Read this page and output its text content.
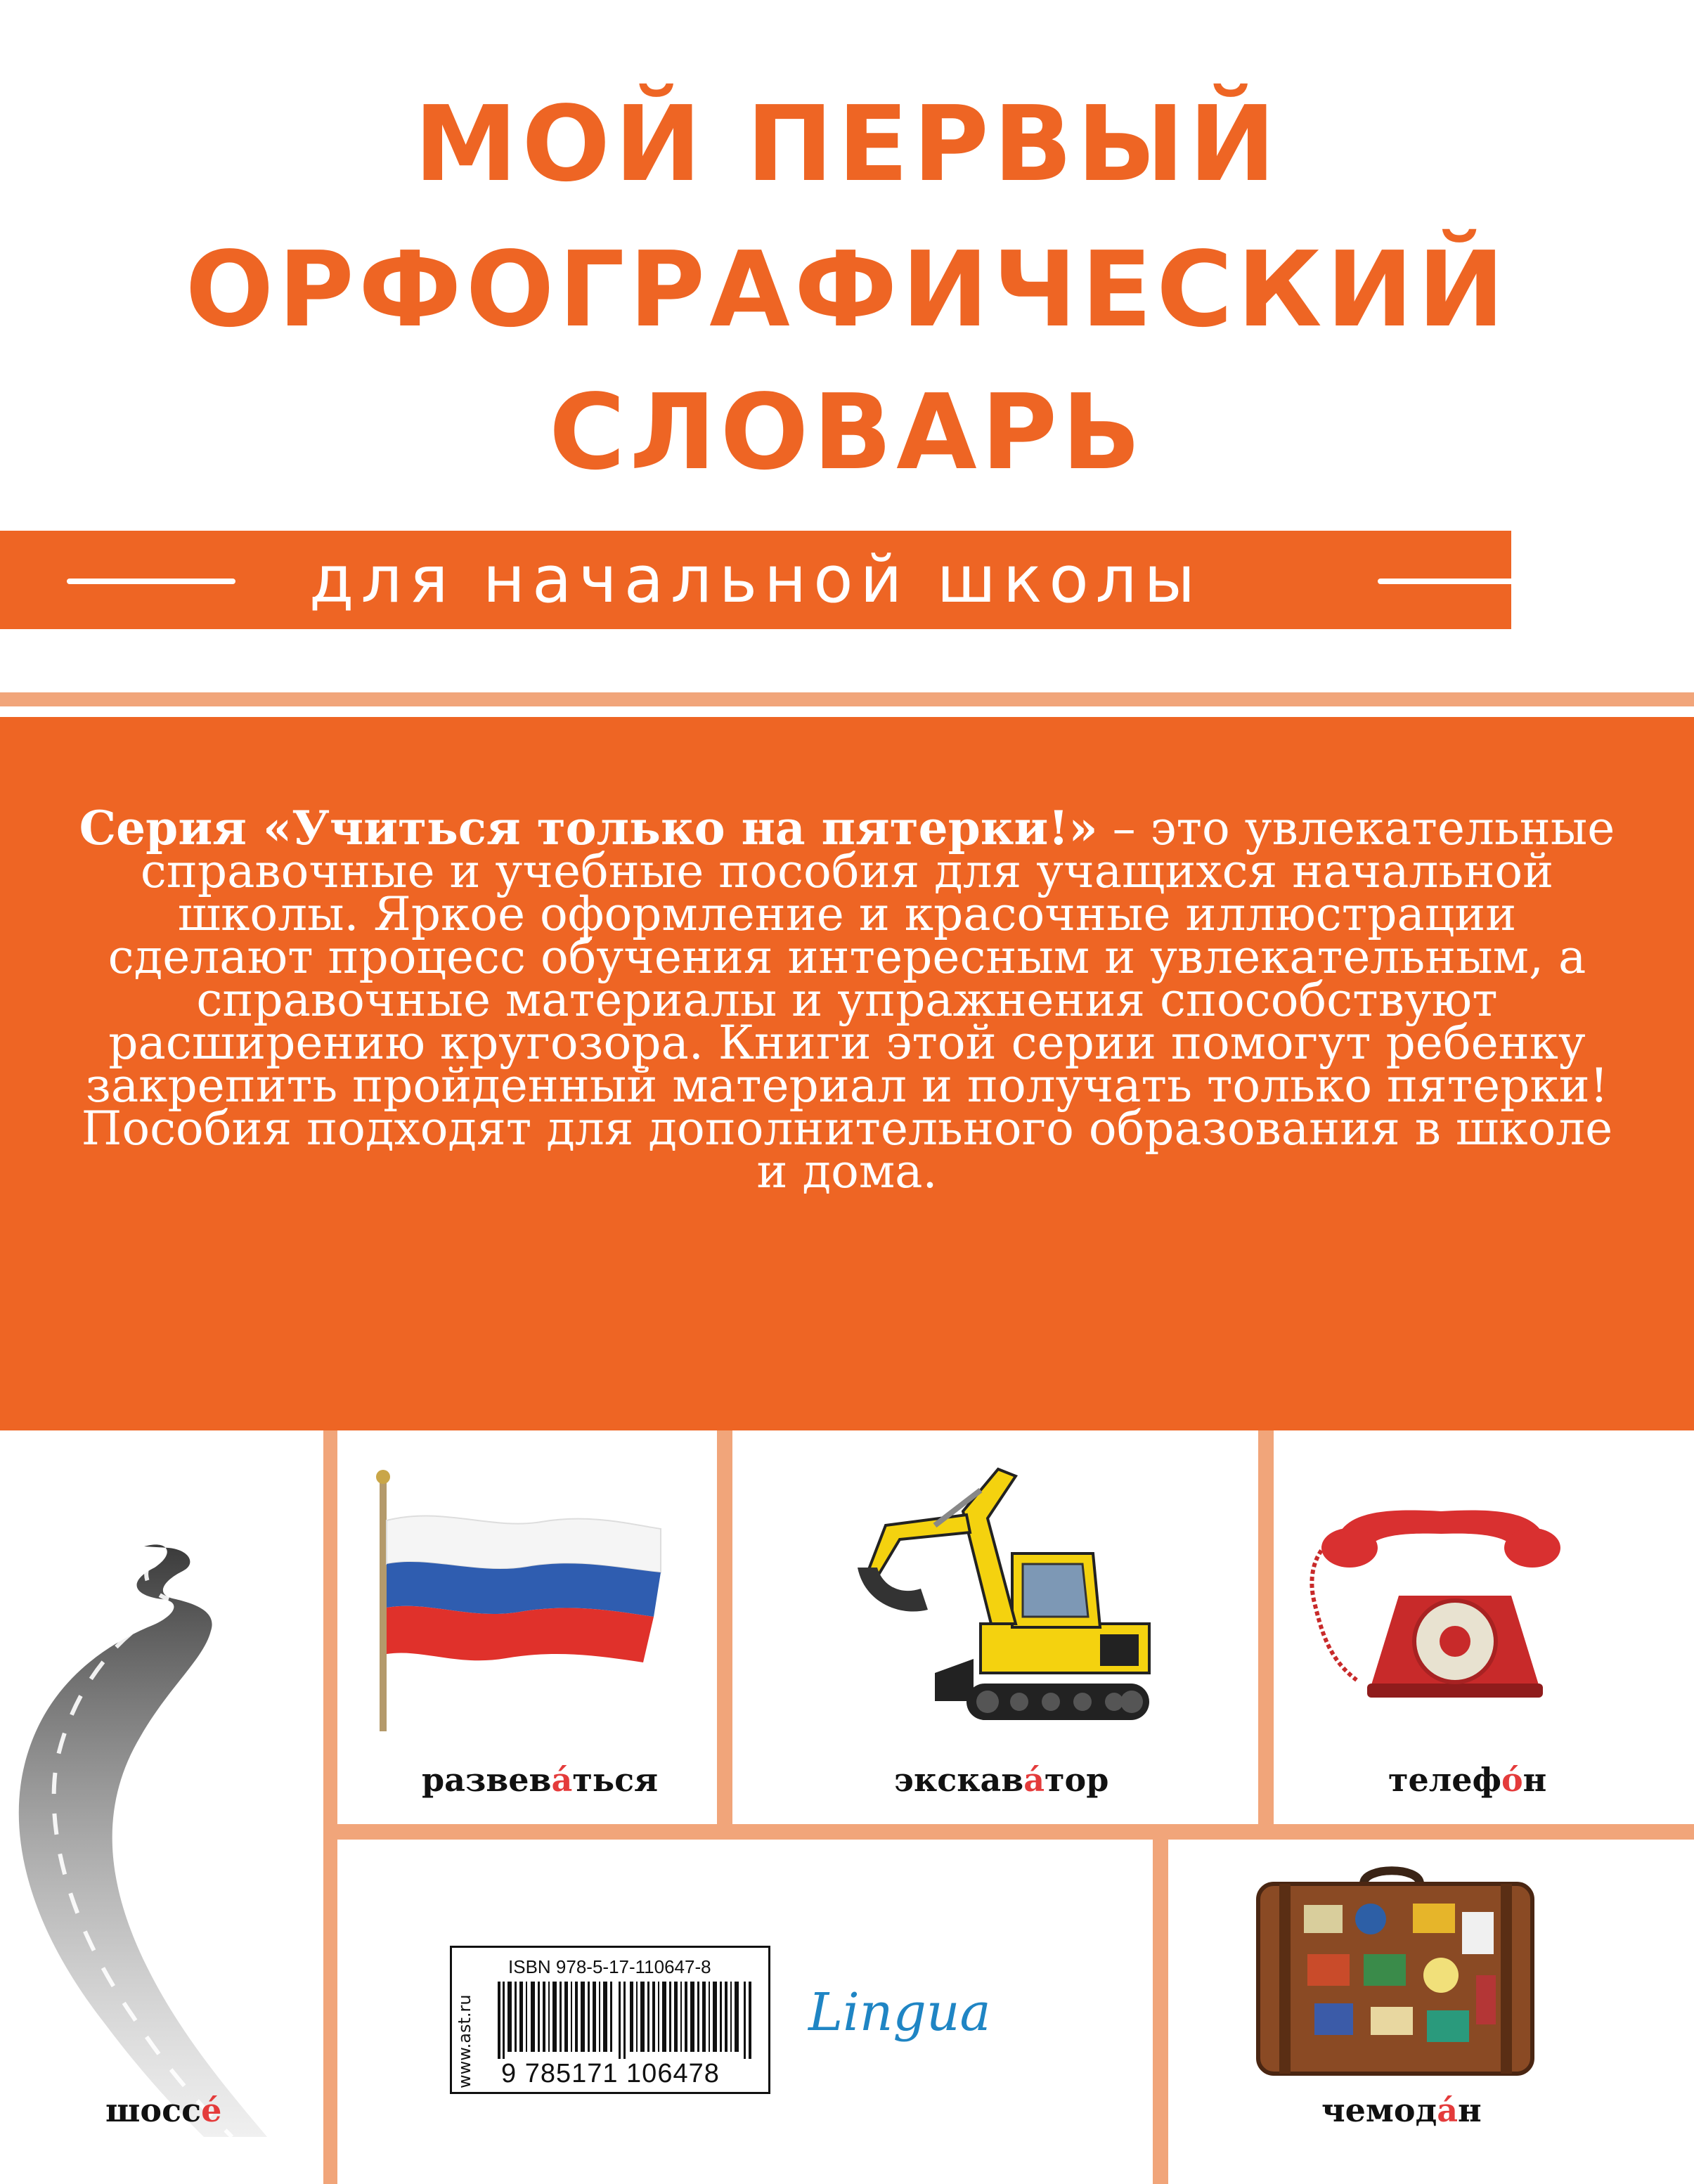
МОЙ ПЕРВЫЙ
ОРФОГРАФИЧЕСКИЙ
СЛОВАРЬ
для начальной школы
Серия «Учиться только на пятерки!» – это увлекательные справочные и учебные пособия для учащихся начальной школы. Яркое оформление и красочные иллюстрации сделают процесс обучения интересным и увлекательным, а справочные материалы и упражнения способствуют расширению кругозора. Книги этой серии помогут ребенку закрепить пройденный материал и получать только пятерки! Пособия подходят для дополнительного образования в школе и дома.
шоссе́
развева́ться	экскава́тор	телефо́н
www.ast.ru
ISBN 978-5-17-110647-8
9 785171 106478
Lingua
чемода́н
